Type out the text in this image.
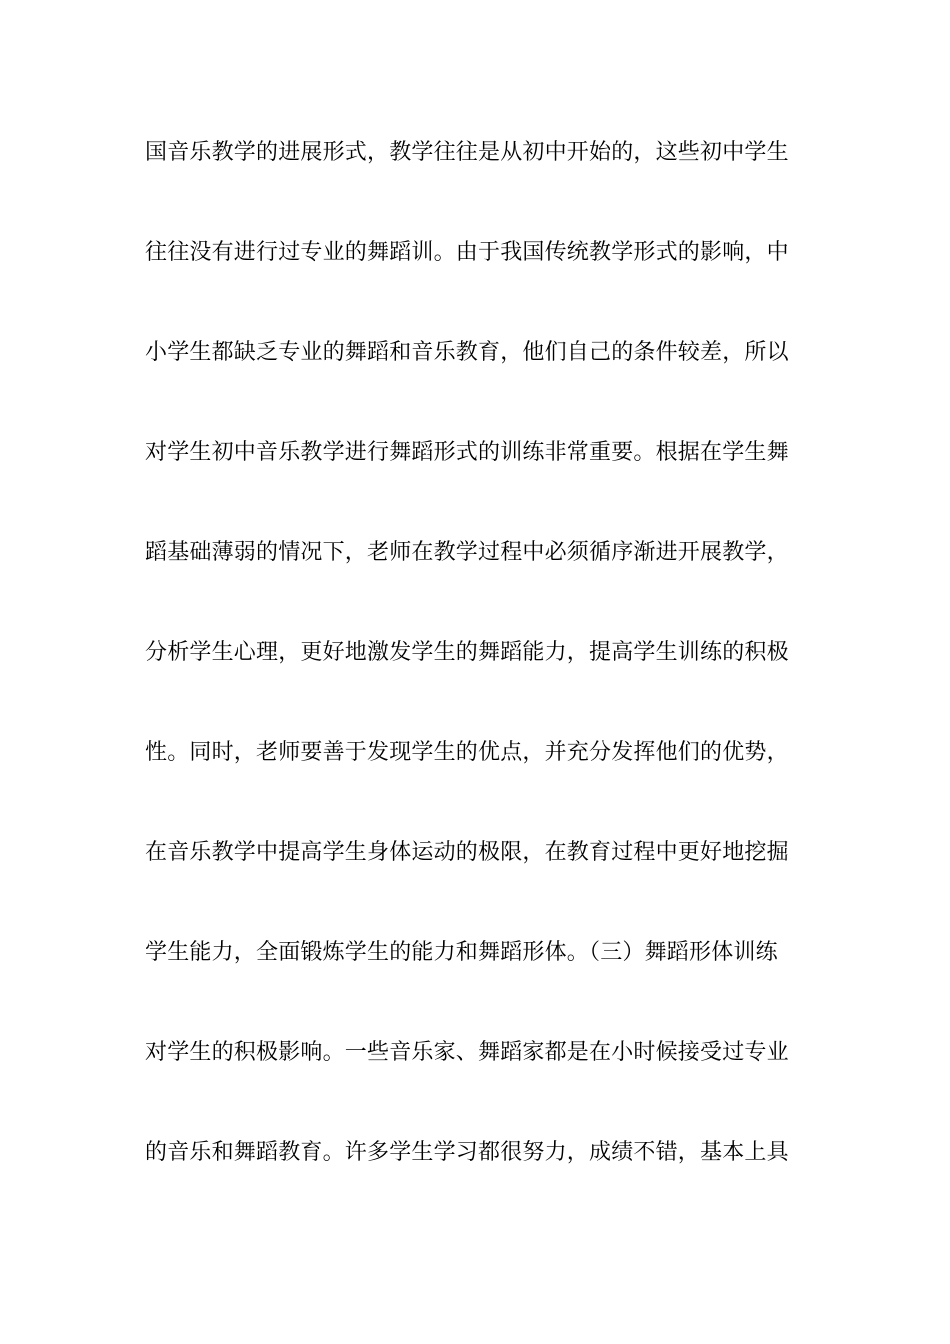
国音乐教学的进展形式，教学往往是从初中开始的，这些初中学生
往往没有进行过专业的舞蹈训。由于我国传统教学形式的影响，中
小学生都缺乏专业的舞蹈和音乐教育，他们自己的条件较差，所以
对学生初中音乐教学进行舞蹈形式的训练非常重要。根据在学生舞
蹈基础薄弱的情况下，老师在教学过程中必须循序渐进开展教学，
分析学生心理，更好地激发学生的舞蹈能力，提高学生训练的积极
性。同时，老师要善于发现学生的优点，并充分发挥他们的优势，
在音乐教学中提高学生身体运动的极限，在教育过程中更好地挖掘
学生能力，全面锻炼学生的能力和舞蹈形体。（三）舞蹈形体训练
对学生的积极影响。一些音乐家、舞蹈家都是在小时候接受过专业
的音乐和舞蹈教育。许多学生学习都很努力，成绩不错，基本上具
